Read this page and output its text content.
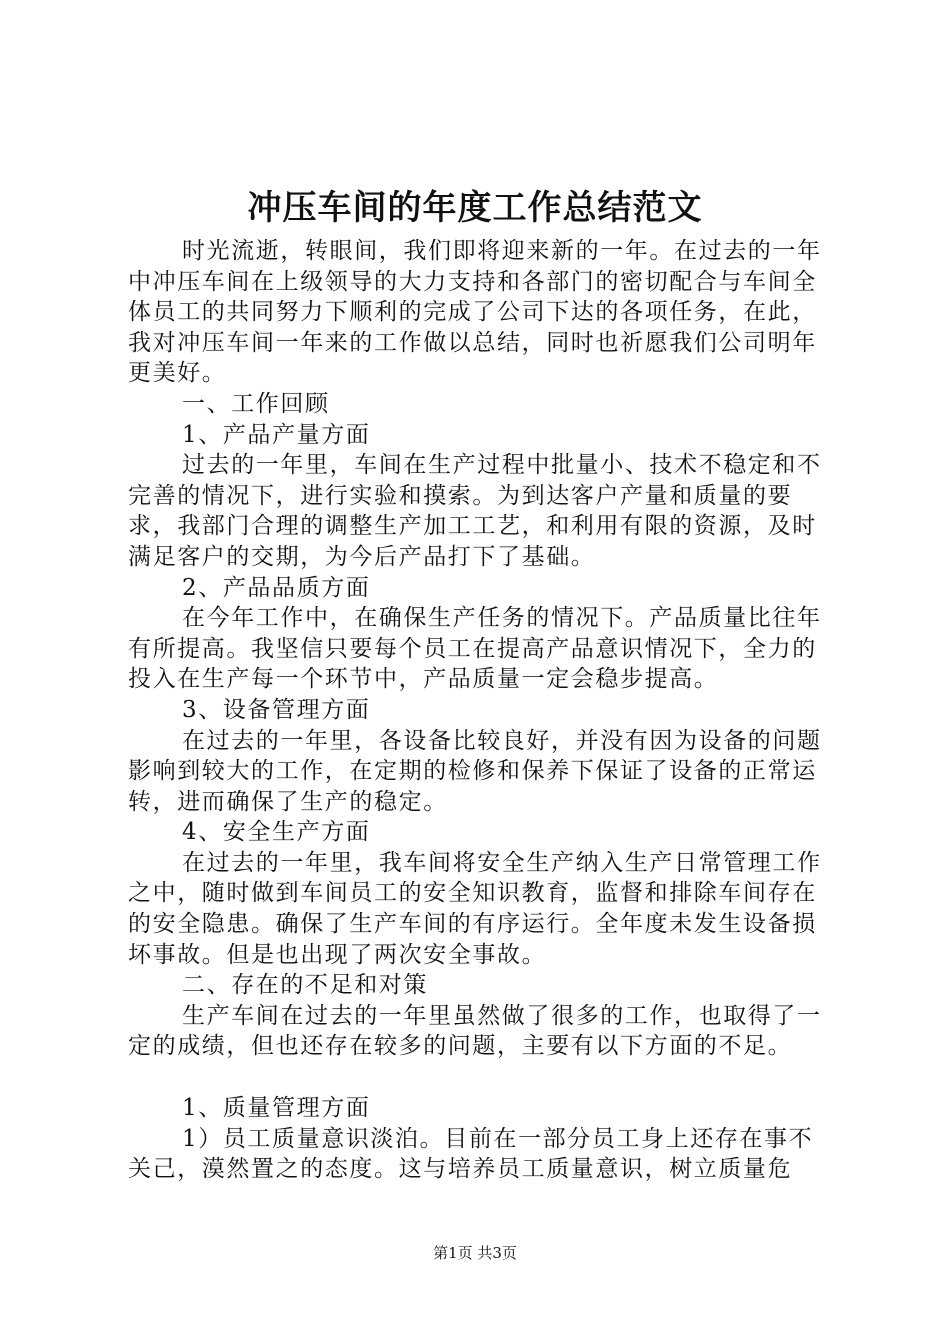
冲压车间的年度工作总结范文

时光流逝，转眼间，我们即将迎来新的一年。在过去的一年中冲压车间在上级领导的大力支持和各部门的密切配合与车间全体员工的共同努力下顺利的完成了公司下达的各项任务，在此，我对冲压车间一年来的工作做以总结，同时也祈愿我们公司明年更美好。

一、工作回顾

1、产品产量方面

过去的一年里，车间在生产过程中批量小、技术不稳定和不完善的情况下，进行实验和摸索。为到达客户产量和质量的要求，我部门合理的调整生产加工工艺，和利用有限的资源，及时满足客户的交期，为今后产品打下了基础。

2、产品品质方面

在今年工作中，在确保生产任务的情况下。产品质量比往年有所提高。我坚信只要每个员工在提高产品意识情况下，全力的投入在生产每一个环节中，产品质量一定会稳步提高。

3、设备管理方面

在过去的一年里，各设备比较良好，并没有因为设备的问题影响到较大的工作，在定期的检修和保养下保证了设备的正常运转，进而确保了生产的稳定。

4、安全生产方面

在过去的一年里，我车间将安全生产纳入生产日常管理工作之中，随时做到车间员工的安全知识教育，监督和排除车间存在的安全隐患。确保了生产车间的有序运行。全年度未发生设备损坏事故。但是也出现了两次安全事故。

二、存在的不足和对策

生产车间在过去的一年里虽然做了很多的工作，也取得了一定的成绩，但也还存在较多的问题，主要有以下方面的不足。

1、质量管理方面

1）员工质量意识淡泊。目前在一部分员工身上还存在事不关己，漠然置之的态度。这与培养员工质量意识，树立质量危

第1页 共3页
